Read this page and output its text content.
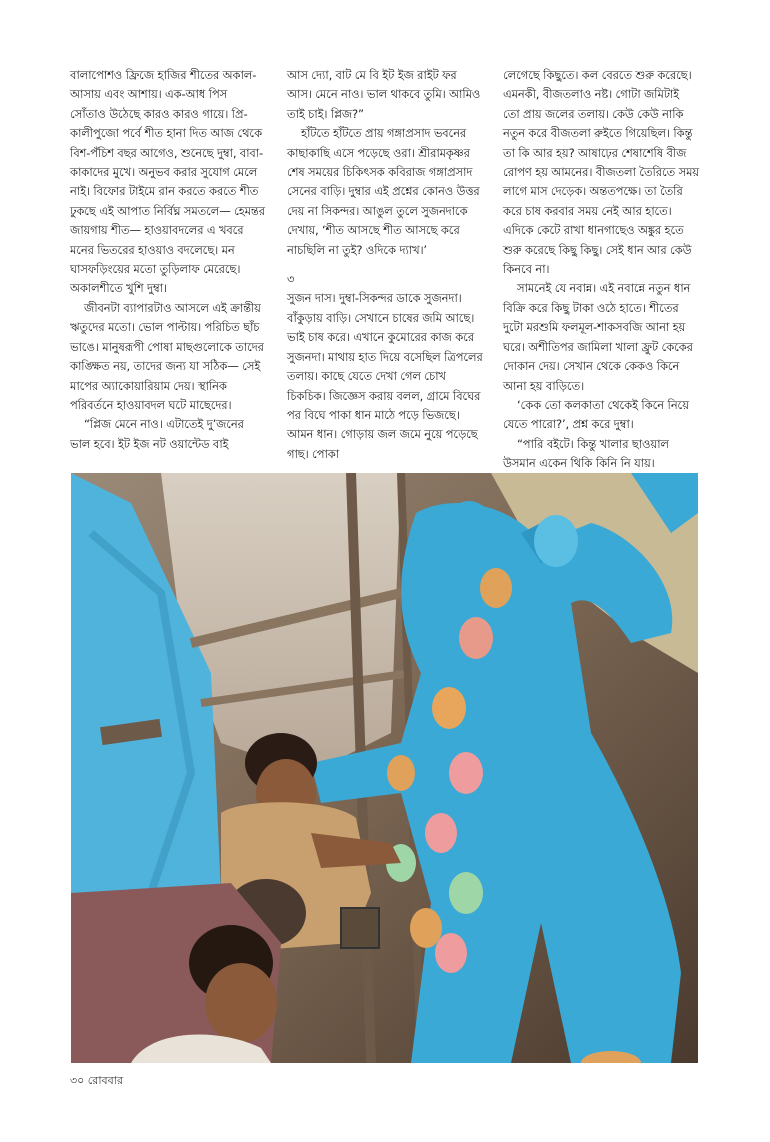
বালাপোশও ফ্রিজে হাজির শীতের অকাল-আসায় এবং আশায়। এক-আধ পিস সোঁতাও উঠেছে কারও কারও গায়ে। প্রি-কালীপুজো পর্বে শীত হানা দিত আজ থেকে বিশ-পঁচিশ বছর আগেও, শুনেছে দুম্বা, বাবা-কাকাদের মুখে। অনুভব করার সুযোগ মেলে নাই। বিফোর টাইমে রান করতে করতে শীত ঢুকছে এই আপাত নির্বিঘ্ন সমতলে— হেমন্তর জায়গায় শীত— হাওয়াবদলের এ খবরে মনের ভিতরের হাওয়াও বদলেছে। মন ঘাসফড়িংয়ের মতো তুড়িলাফ মেরেছে। অকালশীতে খুশি দুম্বা।

জীবনটা ব্যাপারটাও আসলে এই ক্রান্তীয় ঋতুদের মতো। ভোল পাল্টায়। পরিচিত ছাঁচ ভাঙে। মানুষরূপী পোষা মাছগুলোকে তাদের কাঙ্ক্ষিত নয়, তাদের জন্য যা সঠিক— সেই মাপের অ্যাকোয়ারিয়াম দেয়। স্থানিক পরিবর্তনে হাওয়াবদল ঘটে মাছেদের।

“প্লিজ মেনে নাও। এটাতেই দু’জনের ভাল হবে। ইট ইজ নট ওয়ান্টেড বাই

আস দ্যো, বাট মে বি ইট ইজ রাইট ফর আস। মেনে নাও। ভাল থাকবে তুমি। আমিও তাই চাই। প্লিজ?”

হাঁটতে হাঁটতে প্রায় গঙ্গাপ্রসাদ ভবনের কাছাকাছি এসে পড়েছে ওরা। শ্রীরামকৃষ্ণর শেষ সময়ের চিকিৎসক কবিরাজ গঙ্গাপ্রসাদ সেনের বাড়ি। দুম্বার এই প্রশ্নের কোনও উত্তর দেয় না সিকন্দর। আঙুল তুলে সুজনদাকে দেখায়, ‘শীত আসছে শীত আসছে করে নাচছিলি না তুই? ওদিকে দ্যাখ।’

৩

সুজন দাস। দুম্বা-সিকন্দর ডাকে সুজনদা। বাঁকুড়ায় বাড়ি। সেখানে চাষের জমি আছে। ভাই চাষ করে। এখানে কুমোরের কাজ করে সুজনদা। মাথায় হাত দিয়ে বসেছিল ত্রিপলের তলায়। কাছে যেতে দেখা গেল চোখ চিকচিক। জিজ্ঞেস করায় বলল, গ্রামে বিঘের পর বিঘে পাকা ধান মাঠে পড়ে ভিজছে। আমন ধান। গোড়ায় জল জমে নুয়ে পড়েছে গাছ। পোকা

লেগেছে কিছুতে। কল বেরতে শুরু করেছে। এমনকী, বীজতলাও নষ্ট। গোটা জমিটাই তো প্রায় জলের তলায়। কেউ কেউ নাকি নতুন করে বীজতলা রুইতে গিয়েছিল। কিন্তু তা কি আর হয়? আষাঢ়ের শেষাশেষি বীজ রোপণ হয় আমনের। বীজতলা তৈরিতে সময় লাগে মাস দেড়েক। অন্ততপক্ষে। তা তৈরি করে চাষ করবার সময় নেই আর হাতে। এদিকে কেটে রাখা ধানগাছেও অঙ্কুর হতে শুরু করেছে কিছু কিছু। সেই ধান আর কেউ কিনবে না।

সামনেই যে নবান্ন। এই নবান্নে নতুন ধান বিক্রি করে কিছু টাকা ওঠে হাতে। শীতের দুটো মরশুমি ফলমূল-শাকসবজি আনা হয় ঘরে। অশীতিপর জামিলা খালা ফ্রুট কেকের দোকান দেয়। সেখান থেকে কেকও কিনে আনা হয় বাড়িতে।

‘কেক তো কলকাতা থেকেই কিনে নিয়ে যেতে পারো?’, প্রশ্ন করে দুম্বা।

“পারি বইটে। কিন্তু খালার ছাওয়াল উসমান একেন থিকি কিনি নি যায়।

৩০ রোববার
